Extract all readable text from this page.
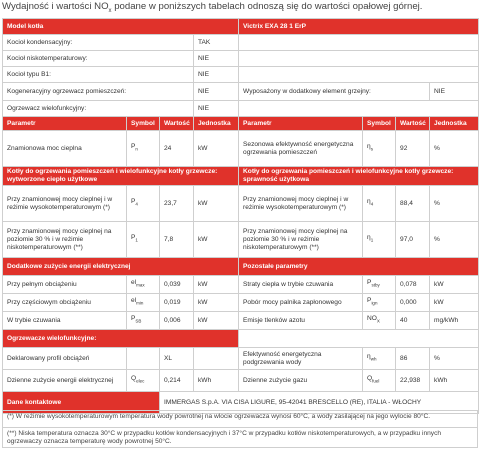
Wydajność i wartości $NO_x$ podane w poniższych tabelach odnoszą się do wartości opałowej górnej.
Model kotła				Victrix EXA 28 1 ErP			
Kocioł kondensacyjny:			TAK				
Kocioł niskotemperaturowy:			NIE				
Kocioł typu B1:			NIE				
Kogeneracyjny ogrzewacz pomieszczeń:			NIE	Wyposażony w dodatkowy element grzejny:			NIE
Ogrzewacz wielofunkcyjny:			NIE				
Parametr	Symbol	Wartość	Jednostka	Parametr	Symbol	Wartość	Jednostka
Znamionowa moc cieplna	$P_n$	24	kW	Sezonowa efektywność energetyczna ogrzewania pomieszczeń	$\eta_s$	92	%
Kotły do ogrzewania pomieszczeń i wielofunkcyjne kotły grzewcze: wytworzone ciepło użytkowe				Kotły do ogrzewania pomieszczeń i wielofunkcyjne kotły grzewcze: sprawność użytkowa			
Przy znamionowej mocy cieplnej i w reżimie wysokotemperaturowym (*)	$P_4$	23,7	kW	Przy znamionowej mocy cieplnej i w reżimie wysokotemperaturowym (*)	$\eta_4$	88,4	%
Przy znamionowej mocy cieplnej na poziomie 30 % i w reżimie niskotemperaturowym (**)	$P_1$	7,8	kW	Przy znamionowej mocy cieplnej na poziomie 30 % i w reżimie niskotemperaturowym (**)	$\eta_1$	97,0	%
Dodatkowe zużycie energii elektrycznej				Pozostałe parametry			
Przy pełnym obciążeniu	$el_{max}$	0,039	kW	Straty ciepła w trybie czuwania	$P_{stby}$	0,078	kW
Przy częściowym obciążeniu	$el_{min}$	0,019	kW	Pobór mocy palnika zapłonowego	$P_{ign}$	0,000	kW
W trybie czuwania	$P_{SB}$	0,006	kW	Emisje tlenków azotu	$NO_X$	40	mg/kWh
Ogrzewacze wielofunkcyjne:							
Deklarowany profil obciążeń		XL		Efektywność energetyczna podgrzewania wody	$\eta_{wh}$	86	%
Dzienne zużycie energii elektrycznej	$Q_{elec}$	0,214	kWh	Dzienne zużycie gazu	$Q_{fuel}$	22,938	kWh
Dane kontaktowe		IMMERGAS S.p.A. VIA CISA LIGURE, 95-42041 BRESCELLO (RE), ITALIA - WŁOCHY					
(*) W reżimie wysokotemperaturowym temperatura wody powrotnej na wlocie ogrzewacza wynosi 60°C, a wody zasilającej na jego wylocie 80°C.
(**) Niska temperatura oznacza 30°C w przypadku kotłów kondensacyjnych i 37°C w przypadku kotłów niskotemperaturowych, a w przypadku innych ogrzewaczy oznacza temperaturę wody powrotnej 50°C.
